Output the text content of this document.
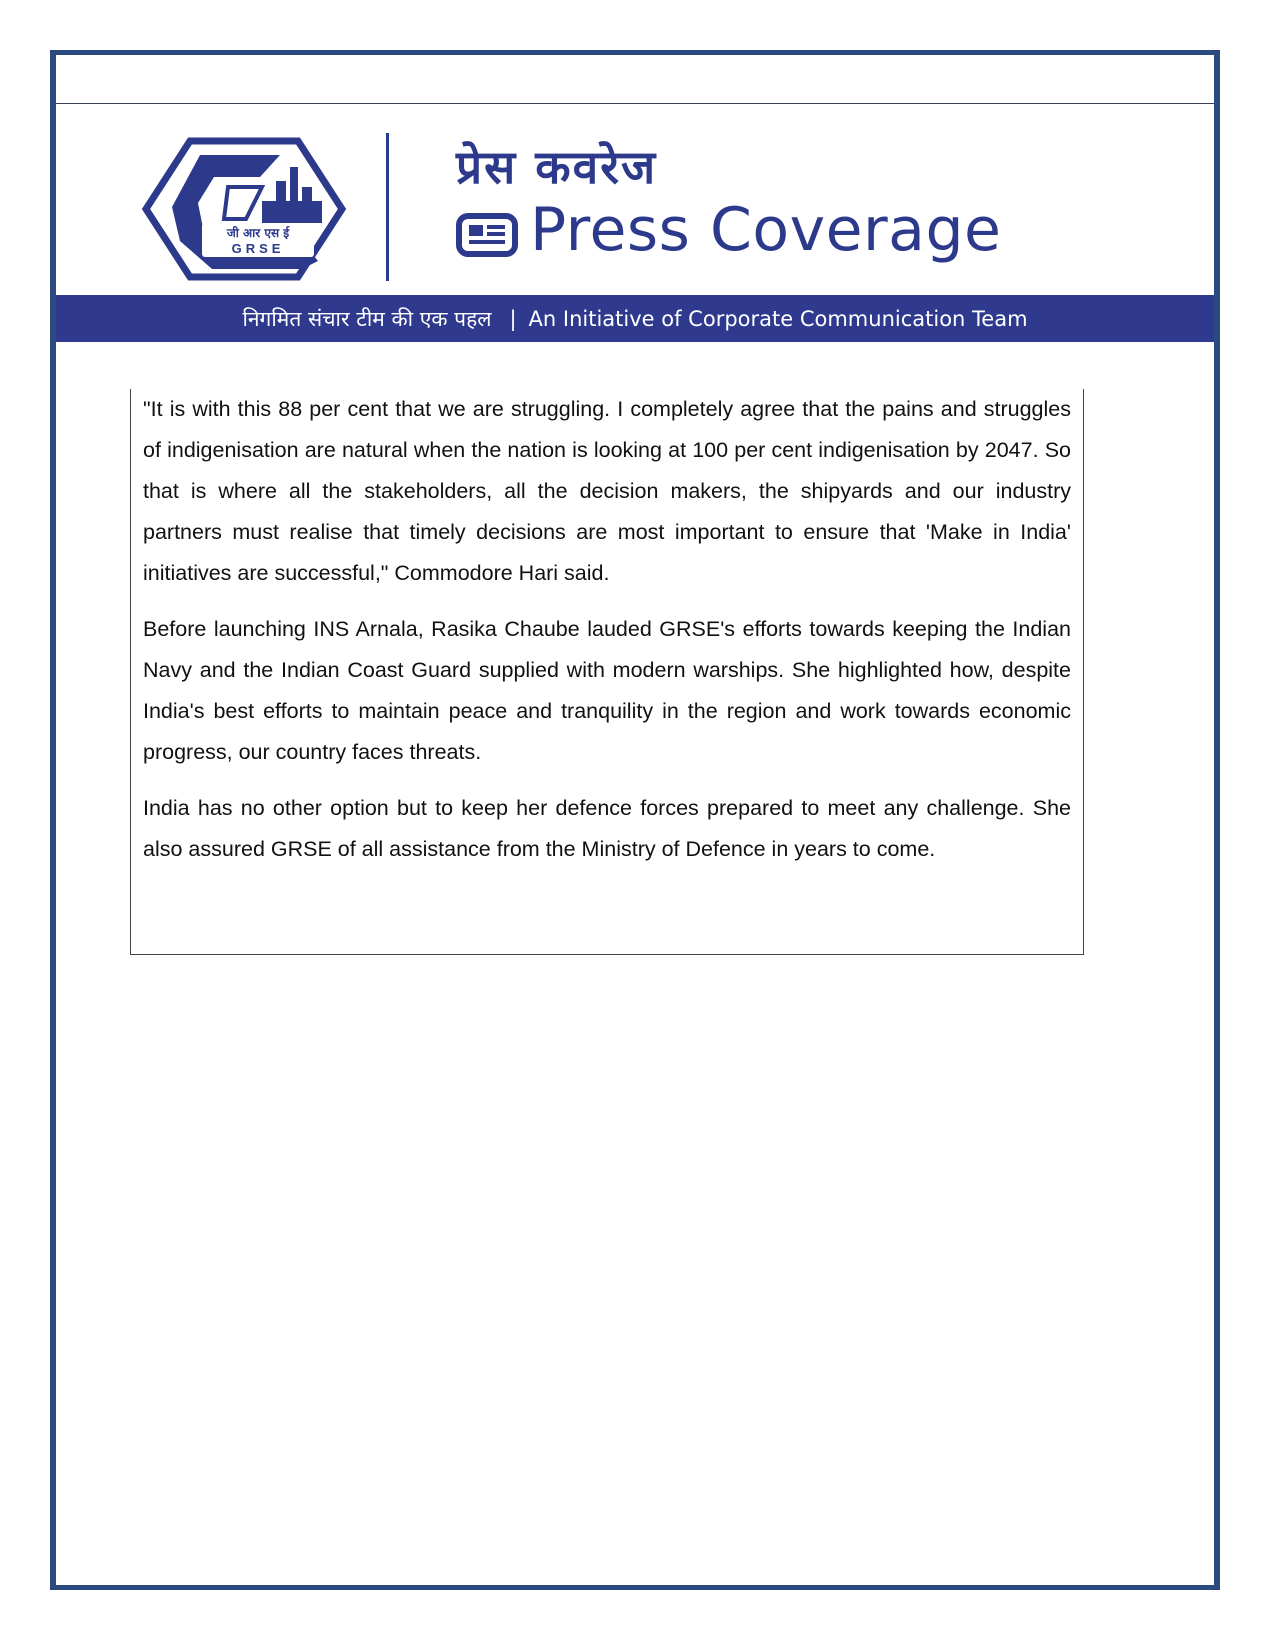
जी आर एस ई
GRSE
प्रेस कवरेज
Press Coverage
निगमित संचार टीम की एक पहल | An Initiative of Corporate Communication Team

"It is with this 88 per cent that we are struggling. I completely agree that the pains and struggles of indigenisation are natural when the nation is looking at 100 per cent indigenisation by 2047. So that is where all the stakeholders, all the decision makers, the shipyards and our industry partners must realise that timely decisions are most important to ensure that 'Make in India' initiatives are successful," Commodore Hari said.

Before launching INS Arnala, Rasika Chaube lauded GRSE's efforts towards keeping the Indian Navy and the Indian Coast Guard supplied with modern warships. She highlighted how, despite India's best efforts to maintain peace and tranquility in the region and work towards economic progress, our country faces threats.

India has no other option but to keep her defence forces prepared to meet any challenge. She also assured GRSE of all assistance from the Ministry of Defence in years to come.
